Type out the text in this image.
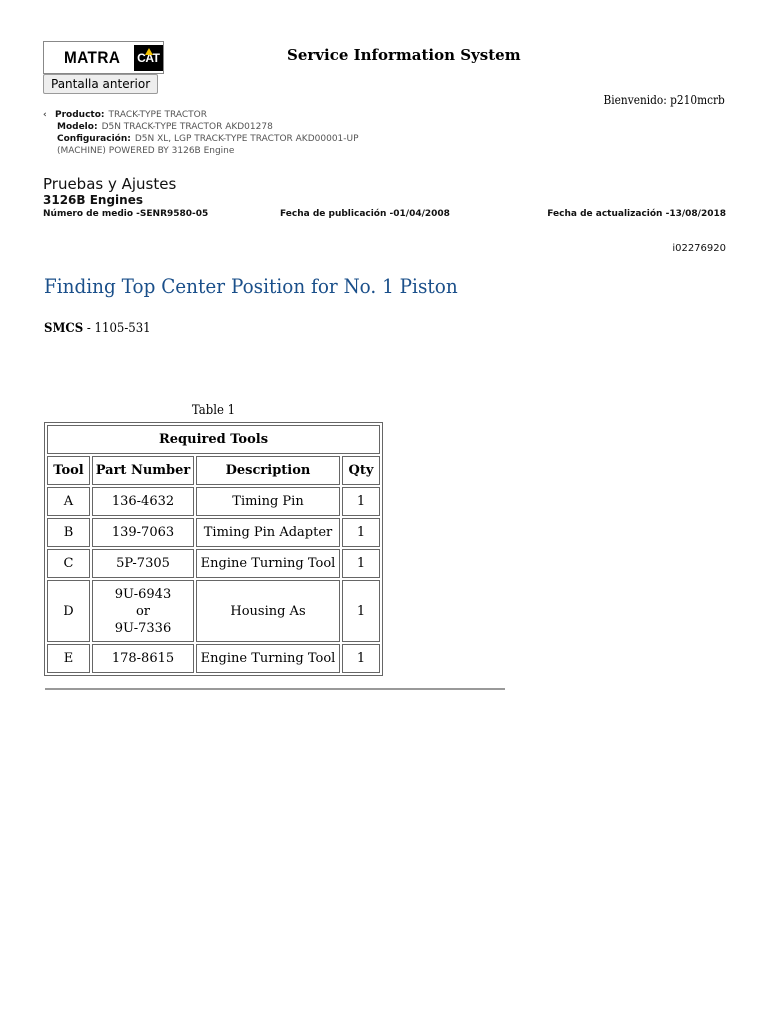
MATRA CAT
Pantalla anterior
Service Information System
Bienvenido: p210mcrb
‹ Producto: TRACK-TYPE TRACTOR
Modelo: D5N TRACK-TYPE TRACTOR AKD01278
Configuración: D5N XL, LGP TRACK-TYPE TRACTOR AKD00001-UP
(MACHINE) POWERED BY 3126B Engine
Pruebas y Ajustes
3126B Engines
Número de medio -SENR9580-05	Fecha de publicación -01/04/2008	Fecha de actualización -13/08/2018
i02276920
Finding Top Center Position for No. 1 Piston
SMCS - 1105-531
Table 1
Required Tools			
Tool	Part Number	Description	Qty
A	136-4632	Timing Pin	1
B	139-7063	Timing Pin Adapter	1
C	5P-7305	Engine Turning Tool	1
D	9U-6943
or
9U-7336	Housing As	1
E	178-8615	Engine Turning Tool	1
